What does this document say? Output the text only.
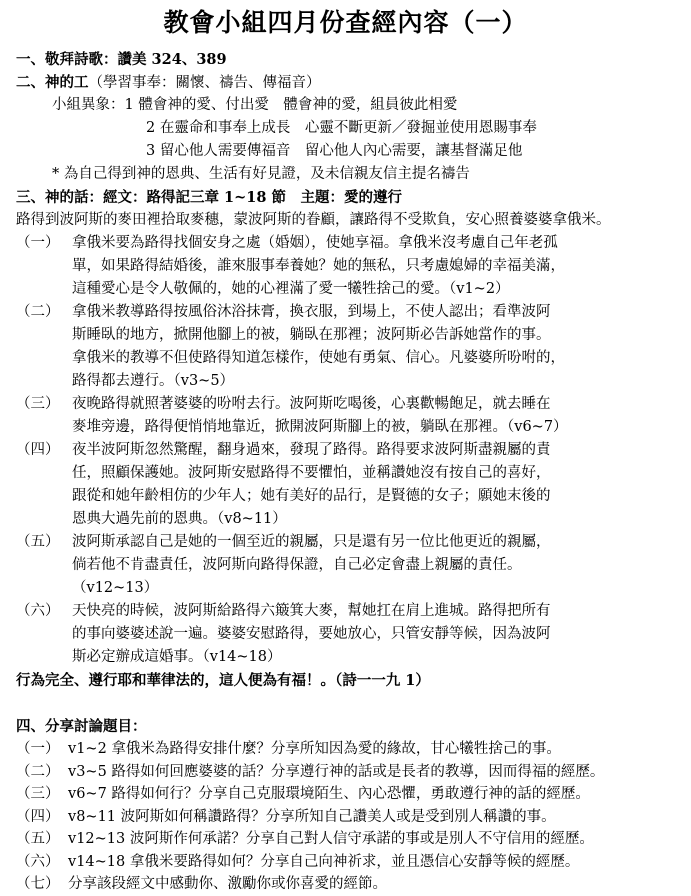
教會小組四月份查經內容（一）
一、敬拜詩歌：讚美 324、389
二、神的工（學習事奉：關懷、禱告、傳福音）
小組異象：1 體會神的愛、付出愛　體會神的愛，組員彼此相愛
2 在靈命和事奉上成長　心靈不斷更新／發掘並使用恩賜事奉
3 留心他人需要傳福音　留心他人內心需要，讓基督滿足他
* 為自己得到神的恩典、生活有好見證，及未信親友信主提名禱告
三、神的話：經文：路得記三章 1~18 節　主題：愛的遵行
路得到波阿斯的麥田裡拾取麥穗，蒙波阿斯的眷顧，讓路得不受欺負，安心照養婆婆拿俄米。
（一） 拿俄米要為路得找個安身之處（婚姻），使她享福。拿俄米沒考慮自己年老孤
單，如果路得結婚後，誰來服事奉養她？她的無私，只考慮媳婦的幸福美滿，
這種愛心是令人敬佩的，她的心裡滿了愛一犧牲捨己的愛。（v1~2）
（二） 拿俄米教導路得按風俗沐浴抹膏，換衣服，到場上，不使人認出；看準波阿
斯睡臥的地方，掀開他腳上的被，躺臥在那裡；波阿斯必告訴她當作的事。
拿俄米的教導不但使路得知道怎樣作，使她有勇氣、信心。凡婆婆所吩咐的，
路得都去遵行。（v3~5）
（三） 夜晚路得就照著婆婆的吩咐去行。波阿斯吃喝後，心裏歡暢飽足，就去睡在
麥堆旁邊，路得便悄悄地靠近，掀開波阿斯腳上的被，躺臥在那裡。（v6~7）
（四） 夜半波阿斯忽然驚醒，翻身過來，發現了路得。路得要求波阿斯盡親屬的責
任，照顧保護她。波阿斯安慰路得不要懼怕，並稱讚她沒有按自己的喜好，
跟從和她年齡相仿的少年人；她有美好的品行，是賢德的女子；願她末後的
恩典大過先前的恩典。（v8~11）
（五） 波阿斯承認自己是她的一個至近的親屬，只是還有另一位比他更近的親屬，
倘若他不肯盡責任，波阿斯向路得保證，自己必定會盡上親屬的責任。
（v12~13）
（六） 天快亮的時候，波阿斯給路得六簸箕大麥，幫她扛在肩上進城。路得把所有
的事向婆婆述說一遍。婆婆安慰路得，要她放心，只管安靜等候，因為波阿
斯必定辦成這婚事。（v14~18）
行為完全、遵行耶和華律法的，這人便為有福！。（詩一一九 1）
四、分享討論題目：
（一） v1~2 拿俄米為路得安排什麼？分享所知因為愛的緣故，甘心犧牲捨己的事。
（二） v3~5 路得如何回應婆婆的話？分享遵行神的話或是長者的教導，因而得福的經歷。
（三） v6~7 路得如何行？分享自己克服環境陌生、內心恐懼，勇敢遵行神的話的經歷。
（四） v8~11 波阿斯如何稱讚路得？分享所知自己讚美人或是受到別人稱讚的事。
（五） v12~13 波阿斯作何承諾？分享自己對人信守承諾的事或是別人不守信用的經歷。
（六） v14~18 拿俄米要路得如何？分享自己向神祈求，並且憑信心安靜等候的經歷。
（七） 分享該段經文中感動你、激勵你或你喜愛的經節。
